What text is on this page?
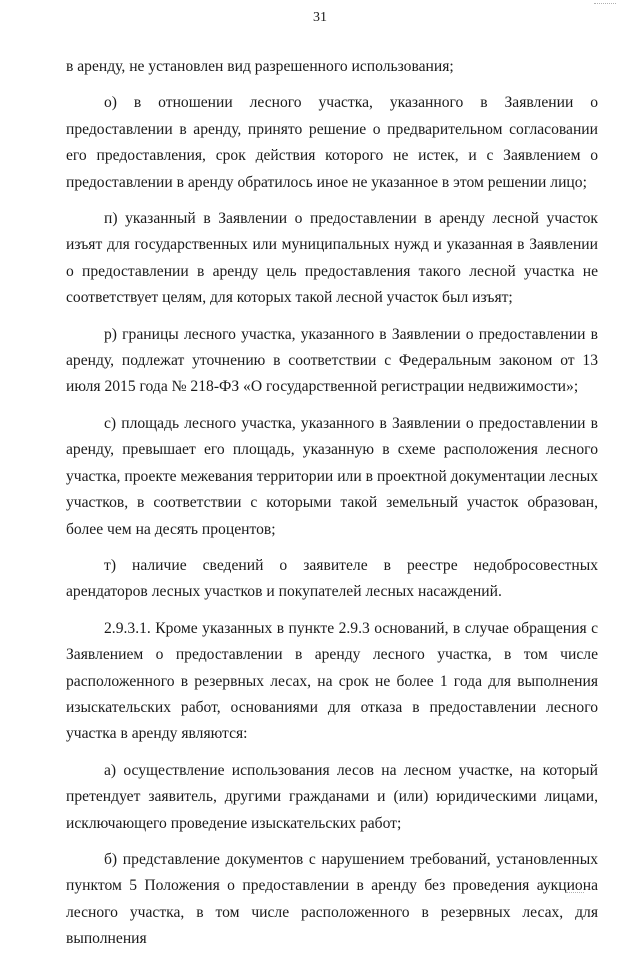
31

в аренду, не установлен вид разрешенного использования;

о) в отношении лесного участка, указанного в Заявлении о предоставлении в аренду, принято решение о предварительном согласовании его предоставления, срок действия которого не истек, и с Заявлением о предоставлении в аренду обратилось иное не указанное в этом решении лицо;

п) указанный в Заявлении о предоставлении в аренду лесной участок изъят для государственных или муниципальных нужд и указанная в Заявлении о предоставлении в аренду цель предоставления такого лесной участка не соответствует целям, для которых такой лесной участок был изъят;

р) границы лесного участка, указанного в Заявлении о предоставлении в аренду, подлежат уточнению в соответствии с Федеральным законом от 13 июля 2015 года № 218-ФЗ «О государственной регистрации недвижимости»;

с) площадь лесного участка, указанного в Заявлении о предоставлении в аренду, превышает его площадь, указанную в схеме расположения лесного участка, проекте межевания территории или в проектной документации лесных участков, в соответствии с которыми такой земельный участок образован, более чем на десять процентов;

т) наличие сведений о заявителе в реестре недобросовестных арендаторов лесных участков и покупателей лесных насаждений.

2.9.3.1. Кроме указанных в пункте 2.9.3 оснований, в случае обращения с Заявлением о предоставлении в аренду лесного участка, в том числе расположенного в резервных лесах, на срок не более 1 года для выполнения изыскательских работ, основаниями для отказа в предоставлении лесного участка в аренду являются:

а) осуществление использования лесов на лесном участке, на который претендует заявитель, другими гражданами и (или) юридическими лицами, исключающего проведение изыскательских работ;

б) представление документов с нарушением требований, установленных пунктом 5 Положения о предоставлении в аренду без проведения аукциона лесного участка, в том числе расположенного в резервных лесах, для выполнения
